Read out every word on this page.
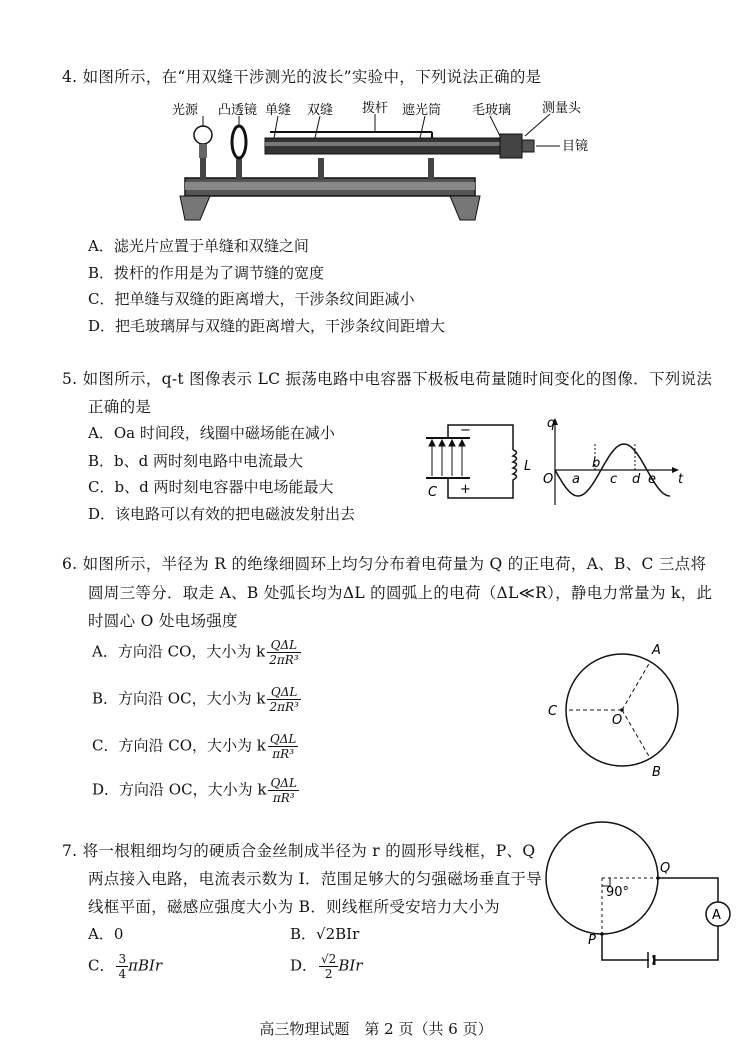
4. 如图所示，在“用双缝干涉测光的波长”实验中，下列说法正确的是
光源 凸透镜 单缝 双缝 拨杆 遮光筒 毛玻璃 测量头
目镜
A．滤光片应置于单缝和双缝之间
B．拨杆的作用是为了调节缝的宽度
C．把单缝与双缝的距离增大，干涉条纹间距减小
D．把毛玻璃屏与双缝的距离增大，干涉条纹间距增大
5. 如图所示，q-t 图像表示 LC 振荡电路中电容器下极板电荷量随时间变化的图像．下列说法
正确的是
A．Oa 时间段，线圈中磁场能在减小
B．b、d 两时刻电路中电流最大
C．b、d 两时刻电容器中电场能最大
D．该电路可以有效的把电磁波发射出去
−
+
C
L
q
t
O a
b
c d e
6. 如图所示，半径为 R 的绝缘细圆环上均匀分布着电荷量为 Q 的正电荷，A、B、C 三点将
圆周三等分．取走 A、B 处弧长均为ΔL 的圆弧上的电荷（ΔL≪R），静电力常量为 k，此
时圆心 O 处电场强度
A．方向沿 CO，大小为 k $\frac{\text{QΔL}}{\text{2πR³}}$
B．方向沿 OC，大小为 k $\frac{\text{QΔL}}{\text{2πR³}}$
C．方向沿 CO，大小为 k $\frac{\text{QΔL}}{\text{πR³}}$
D．方向沿 OC，大小为 k $\frac{\text{QΔL}}{\text{πR³}}$
A
B
C
O
7. 将一根粗细均匀的硬质合金丝制成半径为 r 的圆形导线框，P、Q
两点接入电路，电流表示数为 I．范围足够大的匀强磁场垂直于导
线框平面，磁感应强度大小为 B．则线框所受安培力大小为
A．0	B．√2BIr
C． $\frac{3}{4}$ πBIr	D． $\frac{√2}{2}$ BIr
A
P
Q
90°
高三物理试题　第 2 页（共 6 页）
